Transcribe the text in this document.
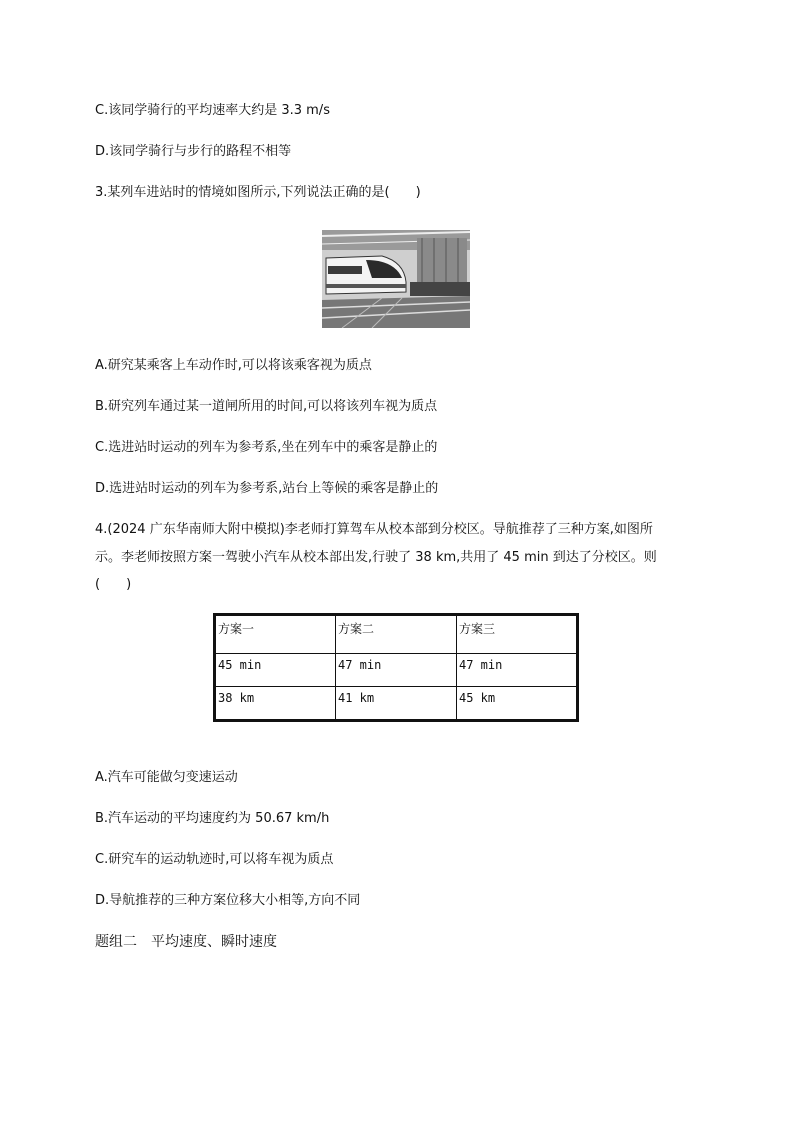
C.该同学骑行的平均速率大约是 3.3 m/s
D.该同学骑行与步行的路程不相等
3.某列车进站时的情境如图所示,下列说法正确的是(　　)
A.研究某乘客上车动作时,可以将该乘客视为质点
B.研究列车通过某一道闸所用的时间,可以将该列车视为质点
C.选进站时运动的列车为参考系,坐在列车中的乘客是静止的
D.选进站时运动的列车为参考系,站台上等候的乘客是静止的
4.(2024 广东华南师大附中模拟)李老师打算驾车从校本部到分校区。导航推荐了三种方案,如图所
示。李老师按照方案一驾驶小汽车从校本部出发,行驶了 38 km,共用了 45 min 到达了分校区。则
(　　)
方案一	方案二	方案三
45 min	47 min	47 min
38 km	41 km	45 km
A.汽车可能做匀变速运动
B.汽车运动的平均速度约为 50.67 km/h
C.研究车的运动轨迹时,可以将车视为质点
D.导航推荐的三种方案位移大小相等,方向不同
题组二　平均速度、瞬时速度
